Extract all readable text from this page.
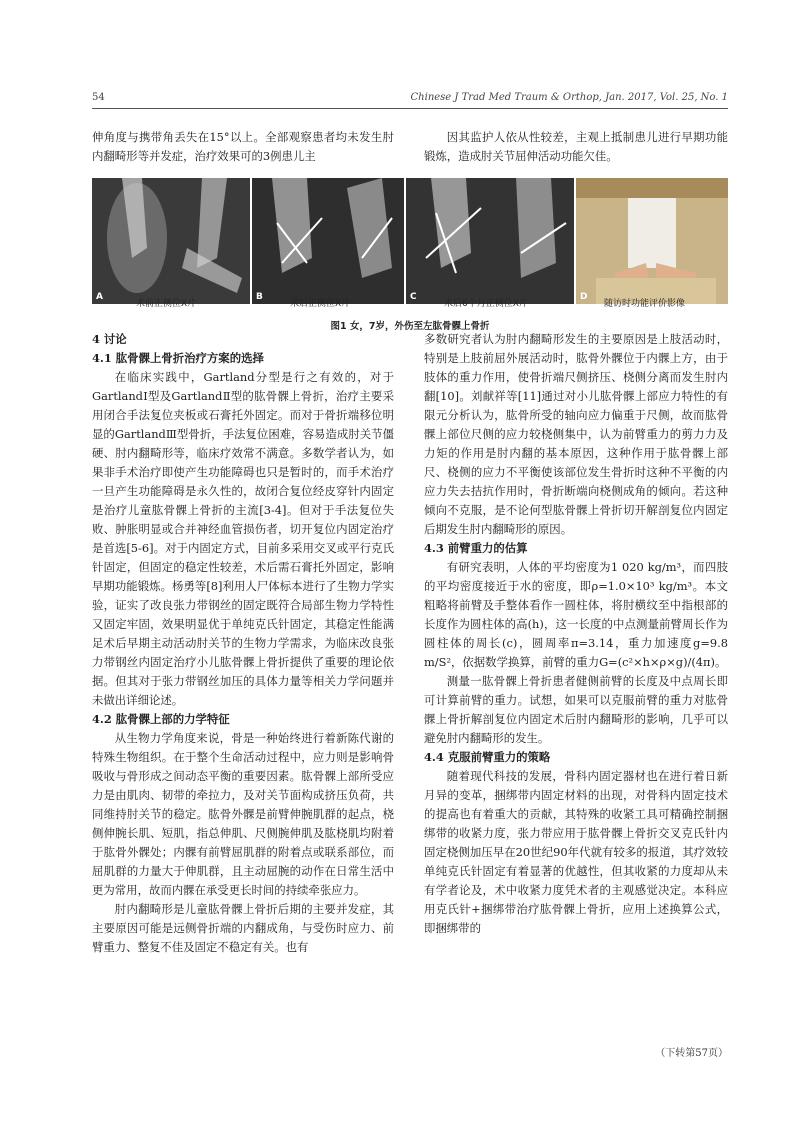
54	Chinese J Trad Med Traum & Orthop, Jan. 2017, Vol. 25, No. 1

伸角度与携带角丢失在15°以上。全部观察患者均未发生肘内翻畸形等并发症，治疗效果可的3例患儿主

因其监护人依从性较差，主观上抵制患儿进行早期功能锻炼，造成肘关节屈伸活动功能欠佳。

A	B	C	D
术前正侧位X片	术后正侧位X片	术后6个月正侧位X片	随访时功能评价影像
图1 女，7岁，外伤至左肱骨髁上骨折
4 讨论
4.1 肱骨髁上骨折治疗方案的选择

在临床实践中，Gartland分型是行之有效的，对于GartlandⅠ型及GartlandⅡ型的肱骨髁上骨折，治疗主要采用闭合手法复位夹板或石膏托外固定。而对于骨折端移位明显的GartlandⅢ型骨折，手法复位困难，容易造成肘关节僵硬、肘内翻畸形等，临床疗效常不满意。多数学者认为，如果非手术治疗即使产生功能障碍也只是暂时的，而手术治疗一旦产生功能障碍是永久性的，故闭合复位经皮穿针内固定是治疗儿童肱骨髁上骨折的主流[3-4]。但对于手法复位失败、肿胀明显或合并神经血管损伤者，切开复位内固定治疗是首选[5-6]。对于内固定方式，目前多采用交叉或平行克氏针固定，但固定的稳定性较差，术后需石膏托外固定，影响早期功能锻炼。杨勇等[8]利用人尸体标本进行了生物力学实验，证实了改良张力带钢丝的固定既符合局部生物力学特性又固定牢固，效果明显优于单纯克氏针固定，其稳定性能满足术后早期主动活动肘关节的生物力学需求，为临床改良张力带钢丝内固定治疗小儿肱骨髁上骨折提供了重要的理论依据。但其对于张力带钢丝加压的具体力量等相关力学问题并未做出详细论述。

4.2 肱骨髁上部的力学特征

从生物力学角度来说，骨是一种始终进行着新陈代谢的特殊生物组织。在于整个生命活动过程中，应力则是影响骨吸收与骨形成之间动态平衡的重要因素。肱骨髁上部所受应力是由肌肉、韧带的牵拉力，及对关节面构成挤压负荷，共同维持肘关节的稳定。肱骨外髁是前臂伸腕肌群的起点，桡侧伸腕长肌、短肌，指总伸肌、尺侧腕伸肌及肱桡肌均附着于肱骨外髁处；内髁有前臂屈肌群的附着点或联系部位，而屈肌群的力量大于伸肌群，且主动屈腕的动作在日常生活中更为常用，故而内髁在承受更长时间的持续牵张应力。

肘内翻畸形是儿童肱骨髁上骨折后期的主要并发症，其主要原因可能是远侧骨折端的内翻成角，与受伤时应力、前臂重力、整复不佳及固定不稳定有关。也有

多数研究者认为肘内翻畸形发生的主要原因是上肢活动时，特别是上肢前屈外展活动时，肱骨外髁位于内髁上方，由于肢体的重力作用，使骨折端尺侧挤压、桡侧分离而发生肘内翻[10]。刘献祥等[11]通过对小儿肱骨髁上部应力特性的有限元分析认为，肱骨所受的轴向应力偏重于尺侧，故而肱骨髁上部位尺侧的应力较桡侧集中，认为前臂重力的剪力力及力矩的作用是肘内翻的基本原因，这种作用于肱骨髁上部尺、桡侧的应力不平衡使该部位发生骨折时这种不平衡的内应力失去拮抗作用时，骨折断端向桡侧成角的倾向。若这种倾向不克服，是不论何型肱骨髁上骨折切开解剖复位内固定后期发生肘内翻畸形的原因。

4.3 前臂重力的估算

有研究表明，人体的平均密度为1 020 kg/m³，而四肢的平均密度接近于水的密度，即ρ=1.0×10³ kg/m³。本文粗略将前臂及手整体看作一圆柱体，将肘横纹至中指根部的长度作为圆柱体的高(h)，这一长度的中点测量前臂周长作为圆柱体的周长(c)，圆周率π=3.14，重力加速度g=9.8 m/S²，依据数学换算，前臂的重力G=(c²×h×ρ×g)/(4π)。

测量一肱骨髁上骨折患者健侧前臂的长度及中点周长即可计算前臂的重力。试想，如果可以克服前臂的重力对肱骨髁上骨折解剖复位内固定术后肘内翻畸形的影响，几乎可以避免肘内翻畸形的发生。

4.4 克服前臂重力的策略

随着现代科技的发展，骨科内固定器材也在进行着日新月异的变革，捆绑带内固定材料的出现，对骨科内固定技术的提高也有着重大的贡献，其特殊的收紧工具可精确控制捆绑带的收紧力度，张力带应用于肱骨髁上骨折交叉克氏针内固定桡侧加压早在20世纪90年代就有较多的报道，其疗效较单纯克氏针固定有着显著的优越性，但其收紧的力度却从未有学者论及，术中收紧力度凭术者的主观感觉决定。本科应用克氏针+捆绑带治疗肱骨髁上骨折，应用上述换算公式，即捆绑带的

（下转第57页）
